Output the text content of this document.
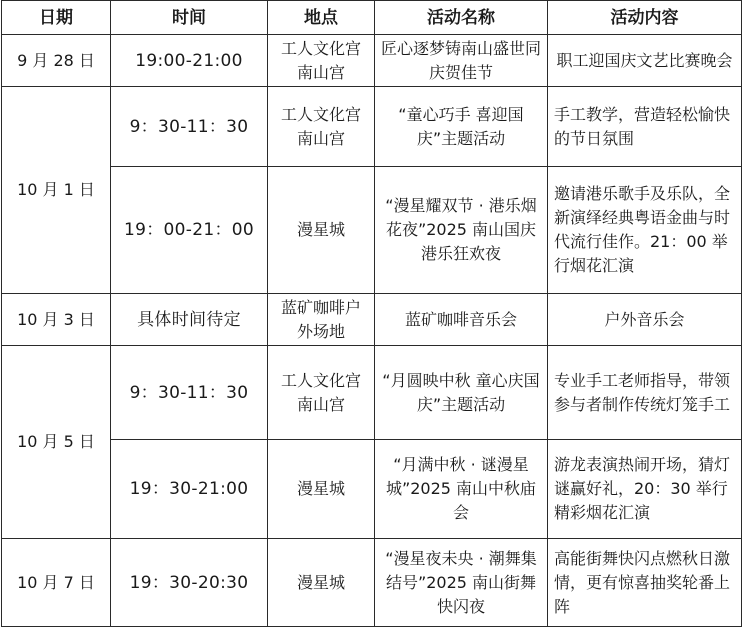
日期	时间	地点	活动名称	活动内容
9 月 28 日	19:00-21:00	工人文化宫南山宫	匠心逐梦铸南山盛世同庆贺佳节	职工迎国庆文艺比赛晚会
10 月 1 日	9：30-11：30	工人文化宫南山宫	“童心巧手 喜迎国庆”主题活动	手工教学，营造轻松愉快的节日氛围
	19：00-21：00	漫星城	“漫星耀双节 · 港乐烟花夜”2025 南山国庆港乐狂欢夜	邀请港乐歌手及乐队，全新演绎经典粤语金曲与时代流行佳作。21：00 举行烟花汇演
10 月 3 日	具体时间待定	蓝矿咖啡户外场地	蓝矿咖啡音乐会	户外音乐会
10 月 5 日	9：30-11：30	工人文化宫南山宫	“月圆映中秋 童心庆国庆”主题活动	专业手工老师指导，带领参与者制作传统灯笼手工
	19：30-21:00	漫星城	“月满中秋 · 谜漫星城”2025 南山中秋庙会	游龙表演热闹开场，猜灯谜赢好礼，20：30 举行精彩烟花汇演
10 月 7 日	19：30-20:30	漫星城	“漫星夜未央 · 潮舞集结号”2025 南山街舞快闪夜	高能街舞快闪点燃秋日激情，更有惊喜抽奖轮番上阵
